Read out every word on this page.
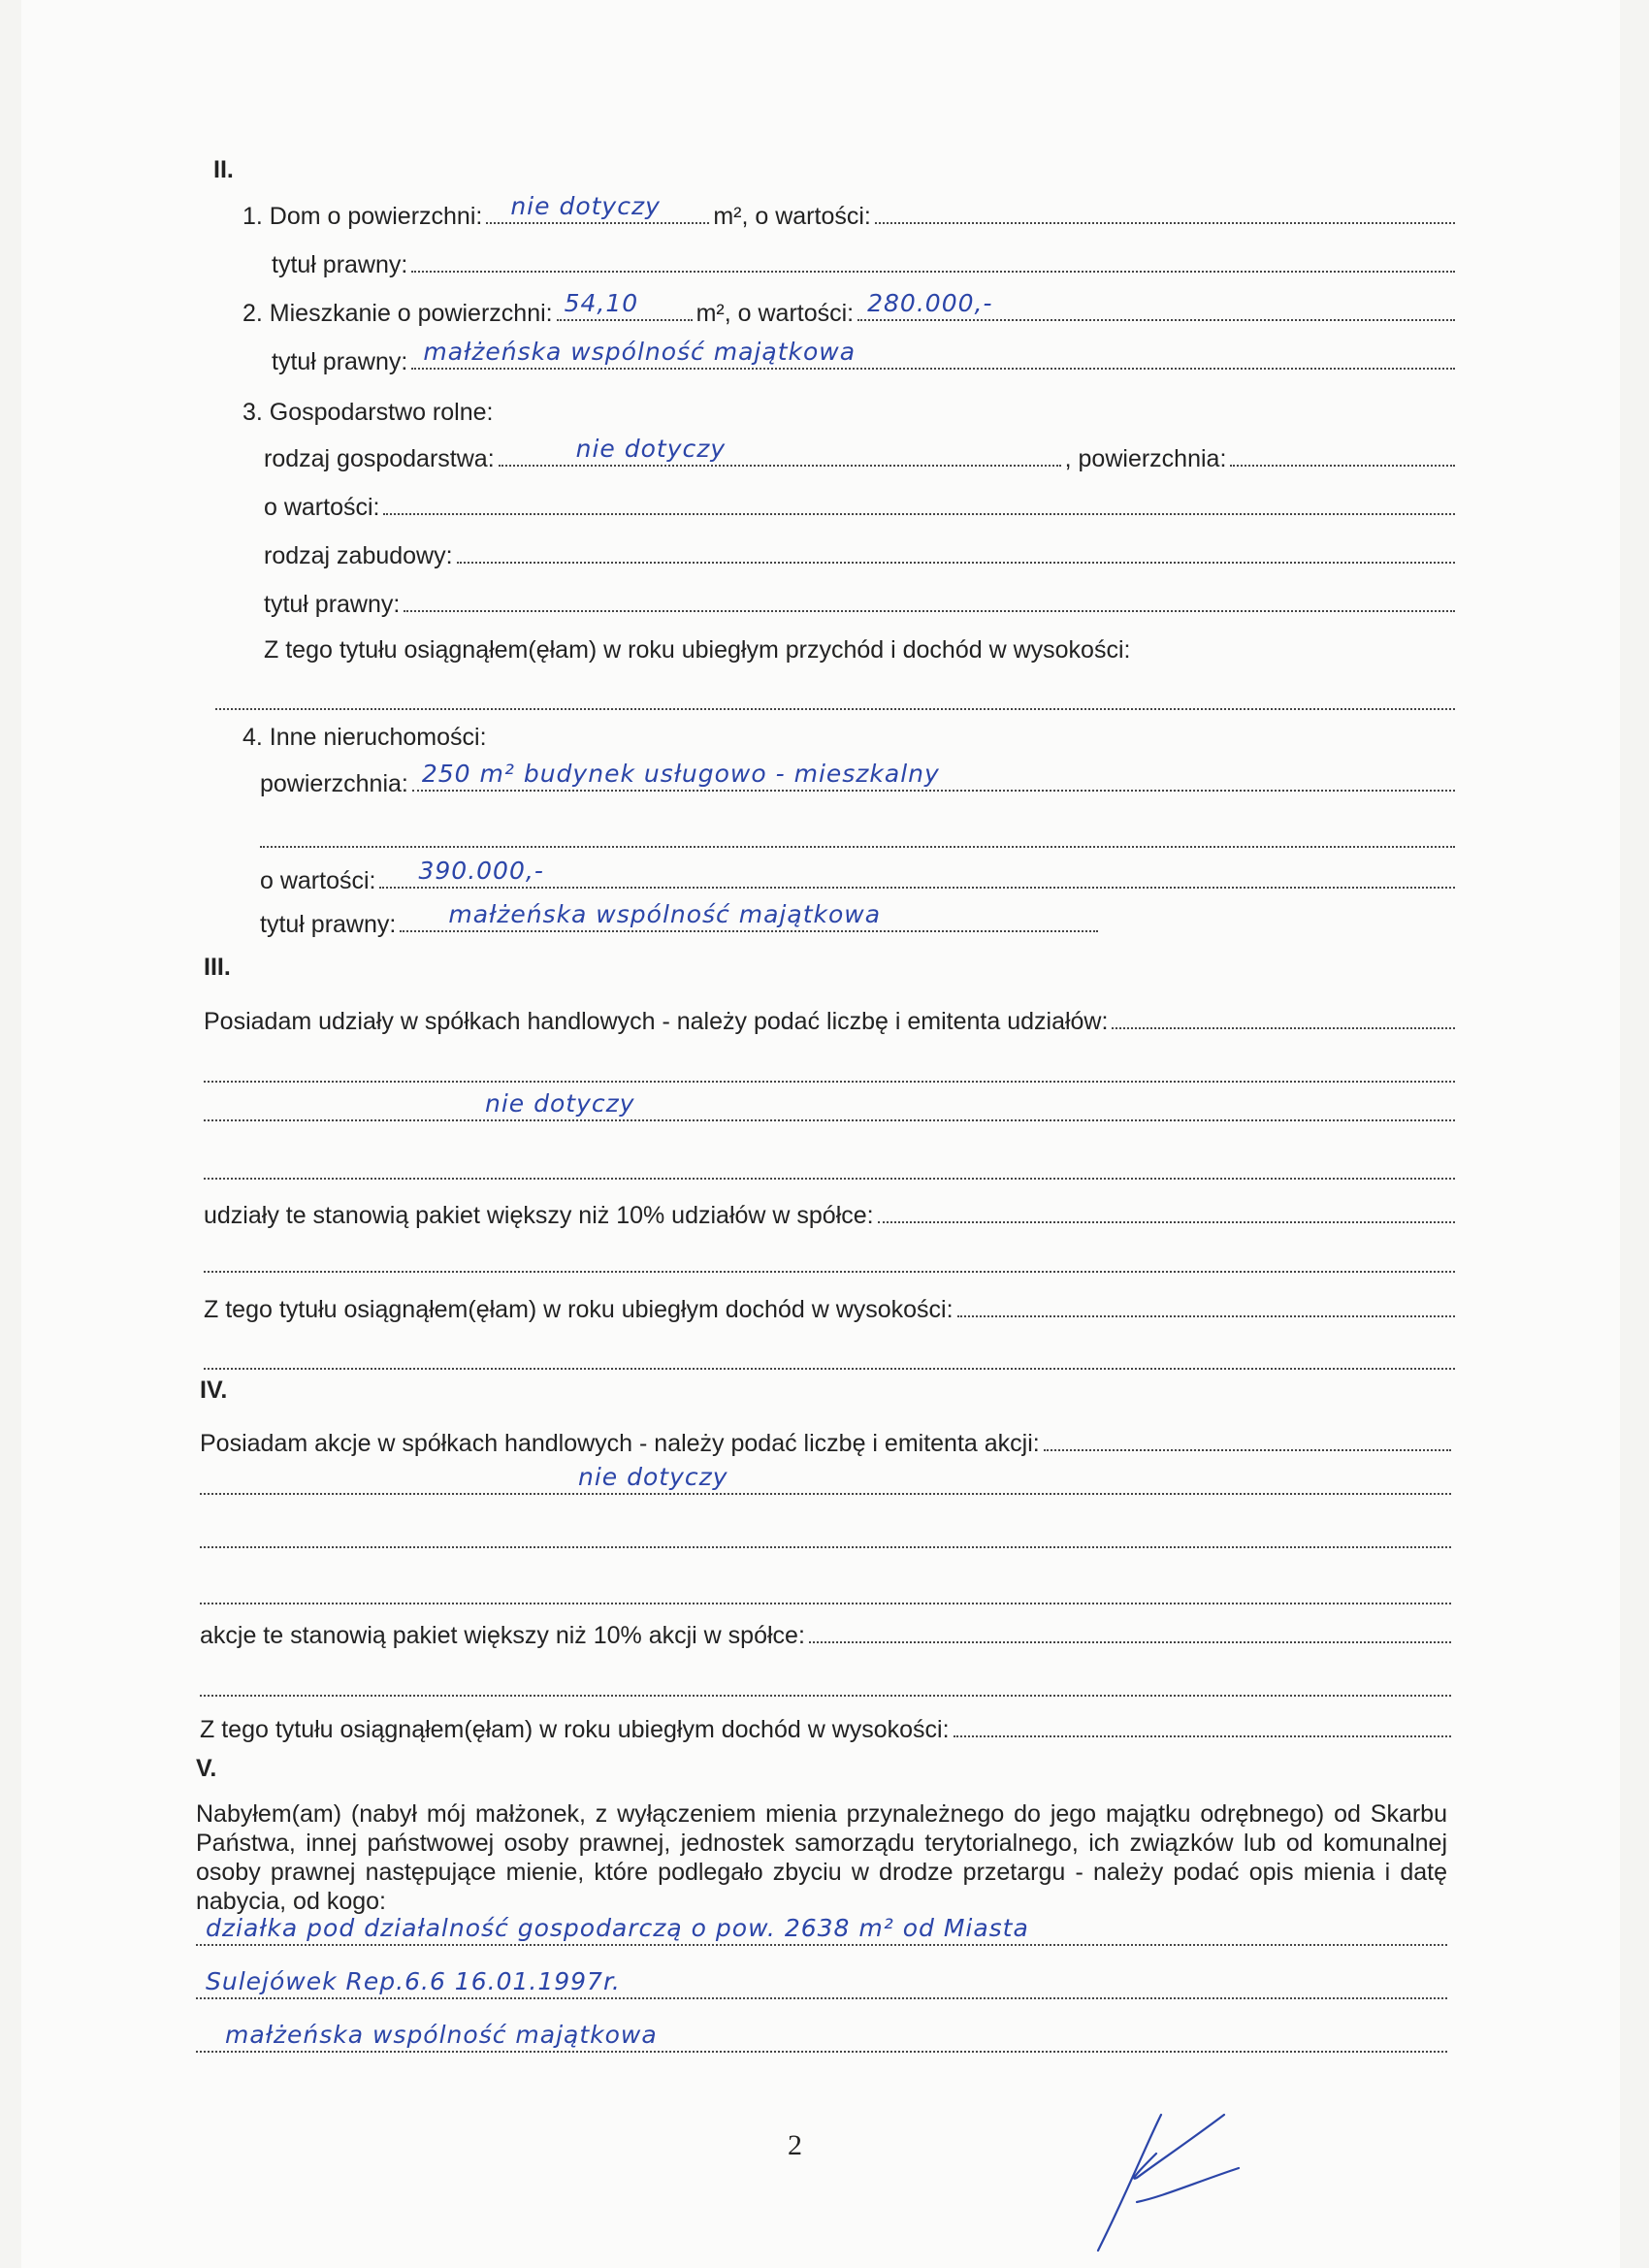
II.
1. Dom o powierzchni: nie dotyczy m², o wartości:
tytuł prawny:
2. Mieszkanie o powierzchni: 54,10 m², o wartości: 280.000,-
tytuł prawny: małżeńska wspólność majątkowa
3. Gospodarstwo rolne:
rodzaj gospodarstwa:	nie dotyczy	, powierzchnia:
o wartości:
rodzaj zabudowy:
tytuł prawny:
Z tego tytułu osiągnąłem(ęłam) w roku ubiegłym przychód i dochód w wysokości:
4. Inne nieruchomości:
powierzchnia: 250 m² budynek usługowo - mieszkalny
o wartości: 390.000,-
tytuł prawny: małżeńska wspólność majątkowa
III.
Posiadam udziały w spółkach handlowych - należy podać liczbę i emitenta udziałów:
nie dotyczy
udziały te stanowią pakiet większy niż 10% udziałów w spółce:
Z tego tytułu osiągnąłem(ęłam) w roku ubiegłym dochód w wysokości:
IV.
Posiadam akcje w spółkach handlowych - należy podać liczbę i emitenta akcji:
nie dotyczy
akcje te stanowią pakiet większy niż 10% akcji w spółce:
Z tego tytułu osiągnąłem(ęłam) w roku ubiegłym dochód w wysokości:
V.
Nabyłem(am) (nabył mój małżonek, z wyłączeniem mienia przynależnego do jego majątku odrębnego) od Skarbu Państwa, innej państwowej osoby prawnej, jednostek samorządu terytorialnego, ich związków lub od komunalnej osoby prawnej następujące mienie, które podlegało zbyciu w drodze przetargu - należy podać opis mienia i datę nabycia, od kogo:
działka pod działalność gospodarczą o pow. 2638 m² od Miasta
Sulejówek Rep.6.6 16.01.1997r.
małżeńska wspólność majątkowa
2
